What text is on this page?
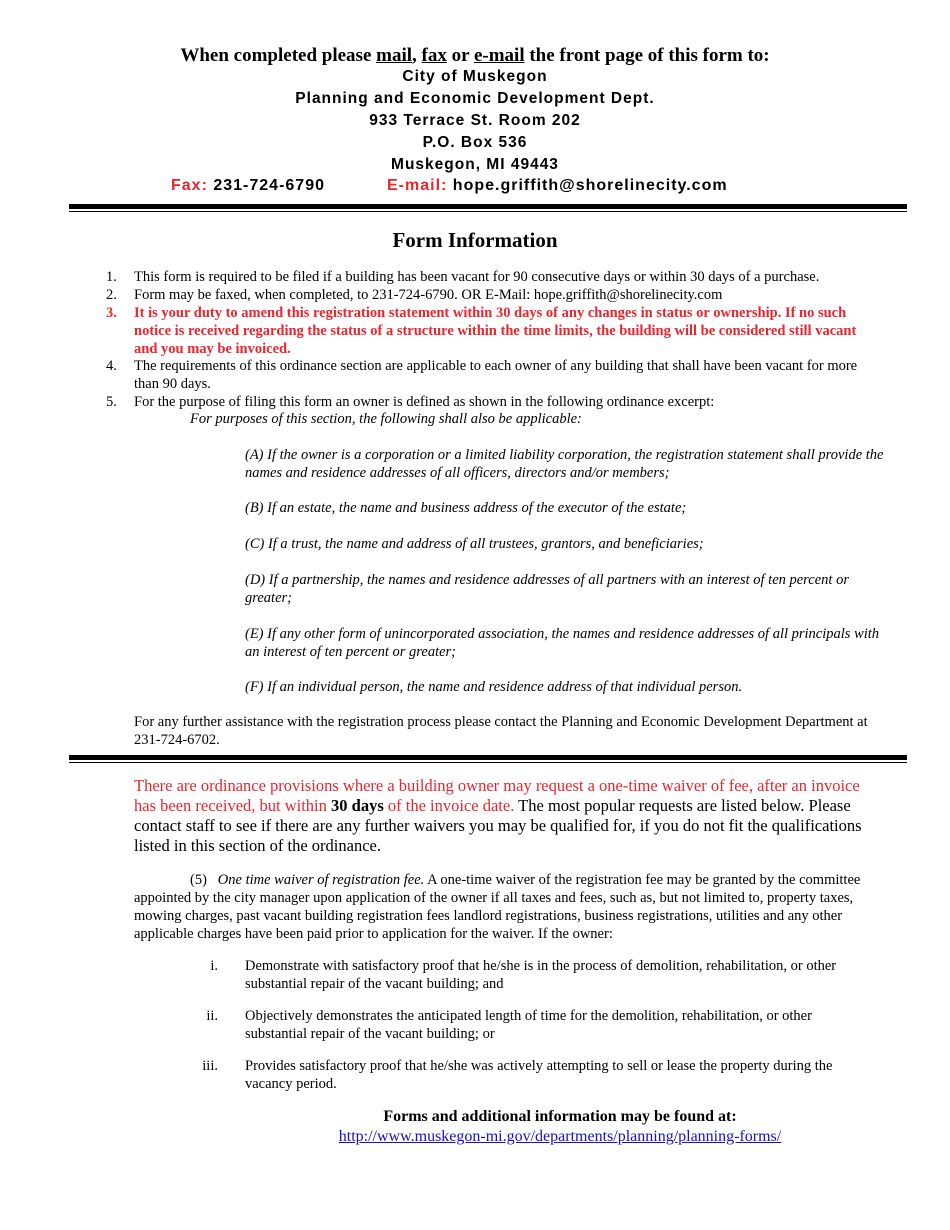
When completed please mail, fax or e-mail the front page of this form to:
City of Muskegon
Planning and Economic Development Dept.
933 Terrace St. Room 202
P.O. Box 536
Muskegon, MI 49443
Fax: 231-724-6790	E-mail: hope.griffith@shorelinecity.com
Form Information
1. This form is required to be filed if a building has been vacant for 90 consecutive days or within 30 days of a purchase.
2. Form may be faxed, when completed, to 231-724-6790. OR E-Mail: hope.griffith@shorelinecity.com
3. It is your duty to amend this registration statement within 30 days of any changes in status or ownership. If no such notice is received regarding the status of a structure within the time limits, the building will be considered still vacant and you may be invoiced.
4. The requirements of this ordinance section are applicable to each owner of any building that shall have been vacant for more than 90 days.
5. For the purpose of filing this form an owner is defined as shown in the following ordinance excerpt:
For purposes of this section, the following shall also be applicable:
(A) If the owner is a corporation or a limited liability corporation, the registration statement shall provide the names and residence addresses of all officers, directors and/or members;
(B) If an estate, the name and business address of the executor of the estate;
(C) If a trust, the name and address of all trustees, grantors, and beneficiaries;
(D) If a partnership, the names and residence addresses of all partners with an interest of ten percent or greater;
(E) If any other form of unincorporated association, the names and residence addresses of all principals with an interest of ten percent or greater;
(F) If an individual person, the name and residence address of that individual person.
For any further assistance with the registration process please contact the Planning and Economic Development Department at 231-724-6702.
There are ordinance provisions where a building owner may request a one-time waiver of fee, after an invoice has been received, but within 30 days of the invoice date. The most popular requests are listed below. Please contact staff to see if there are any further waivers you may be qualified for, if you do not fit the qualifications listed in this section of the ordinance.
(5) One time waiver of registration fee. A one-time waiver of the registration fee may be granted by the committee appointed by the city manager upon application of the owner if all taxes and fees, such as, but not limited to, property taxes, mowing charges, past vacant building registration fees landlord registrations, business registrations, utilities and any other applicable charges have been paid prior to application for the waiver. If the owner:
i. Demonstrate with satisfactory proof that he/she is in the process of demolition, rehabilitation, or other substantial repair of the vacant building; and
ii. Objectively demonstrates the anticipated length of time for the demolition, rehabilitation, or other substantial repair of the vacant building; or
iii. Provides satisfactory proof that he/she was actively attempting to sell or lease the property during the vacancy period.
Forms and additional information may be found at:
http://www.muskegon-mi.gov/departments/planning/planning-forms/
